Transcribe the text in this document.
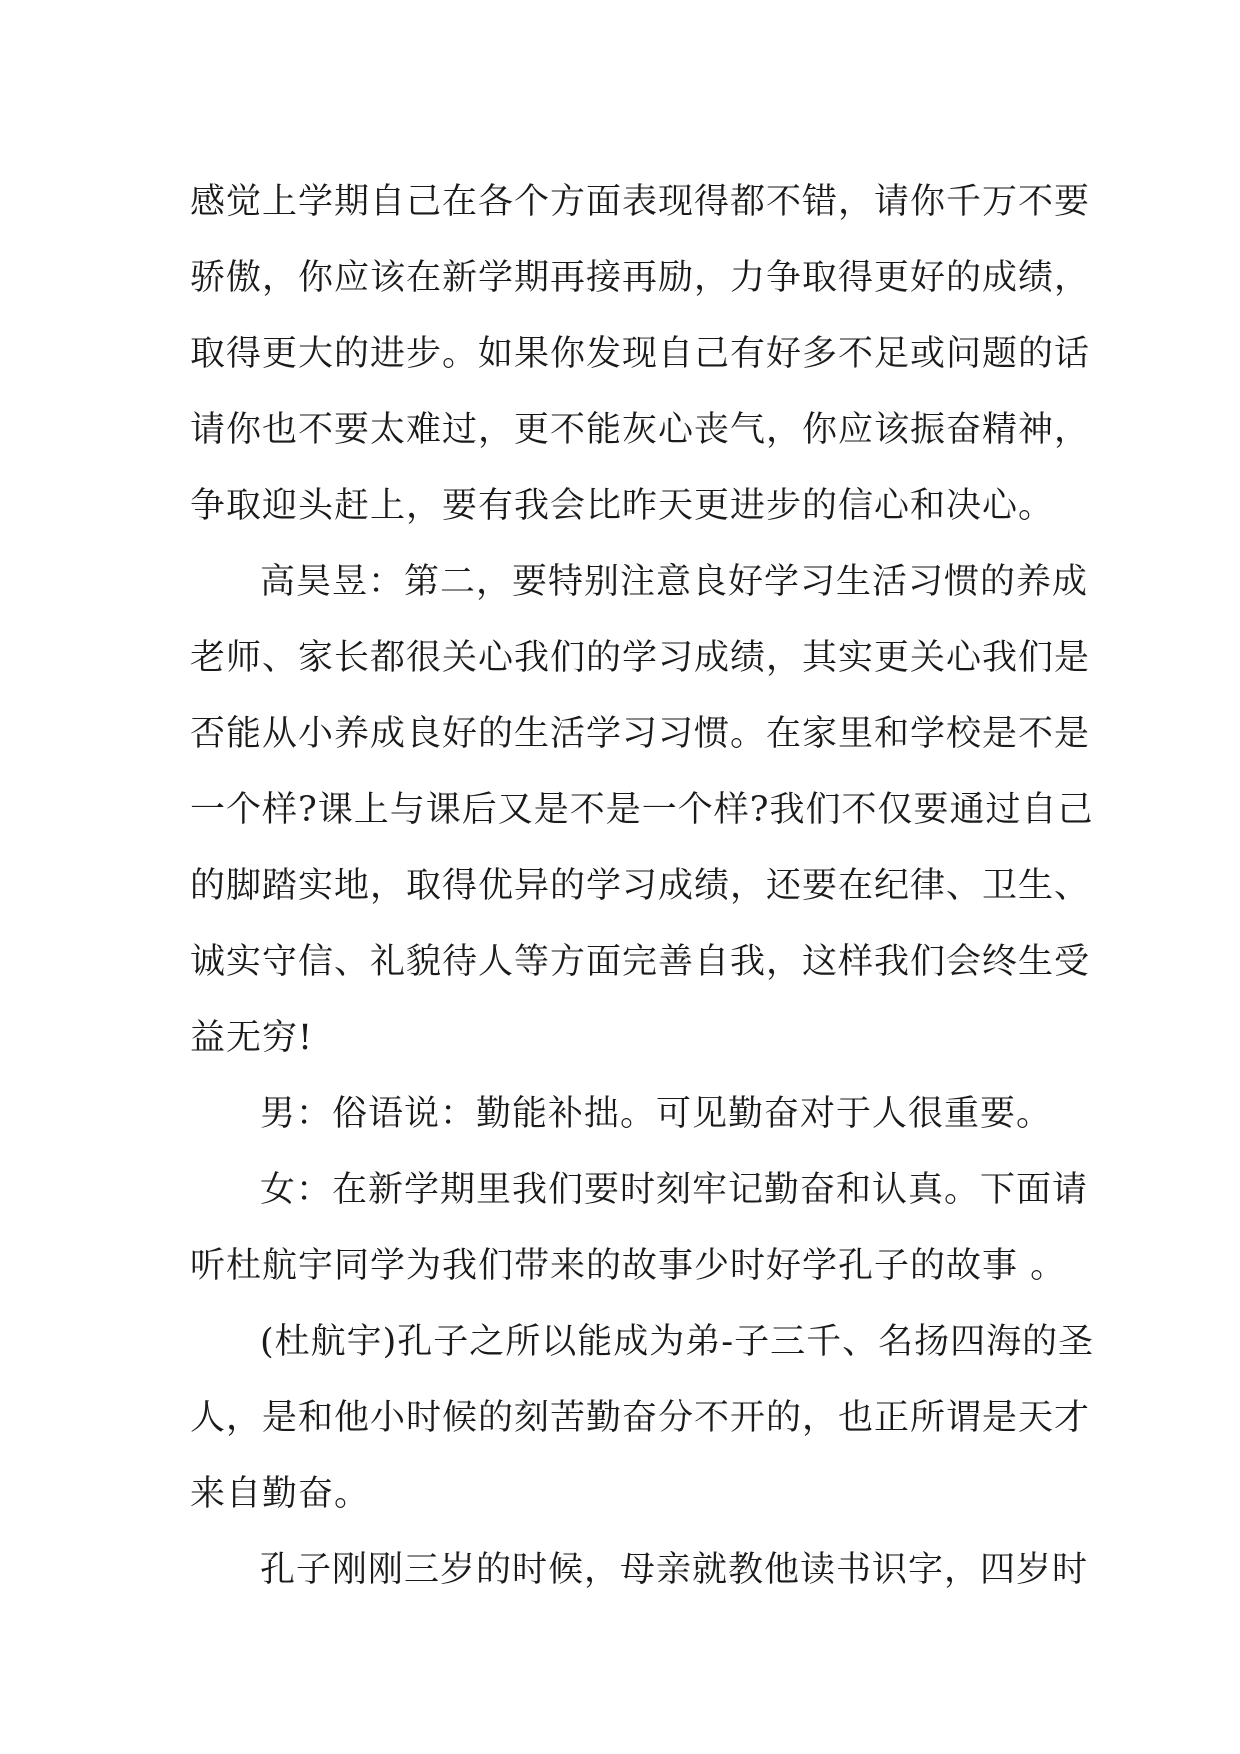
感觉上学期自己在各个方面表现得都不错，请你千万不要
骄傲，你应该在新学期再接再励，力争取得更好的成绩，
取得更大的进步。如果你发现自己有好多不足或问题的话
请你也不要太难过，更不能灰心丧气，你应该振奋精神，
争取迎头赶上，要有我会比昨天更进步的信心和决心。
高昊昱：第二，要特别注意良好学习生活习惯的养成
老师、家长都很关心我们的学习成绩，其实更关心我们是
否能从小养成良好的生活学习习惯。在家里和学校是不是
一个样?课上与课后又是不是一个样?我们不仅要通过自己
的脚踏实地，取得优异的学习成绩，还要在纪律、卫生、
诚实守信、礼貌待人等方面完善自我，这样我们会终生受
益无穷!
男：俗语说：勤能补拙。可见勤奋对于人很重要。
女：在新学期里我们要时刻牢记勤奋和认真。下面请
听杜航宇同学为我们带来的故事少时好学孔子的故事 。
(杜航宇)孔子之所以能成为弟-子三千、名扬四海的圣
人，是和他小时候的刻苦勤奋分不开的，也正所谓是天才
来自勤奋。
孔子刚刚三岁的时候，母亲就教他读书识字，四岁时
